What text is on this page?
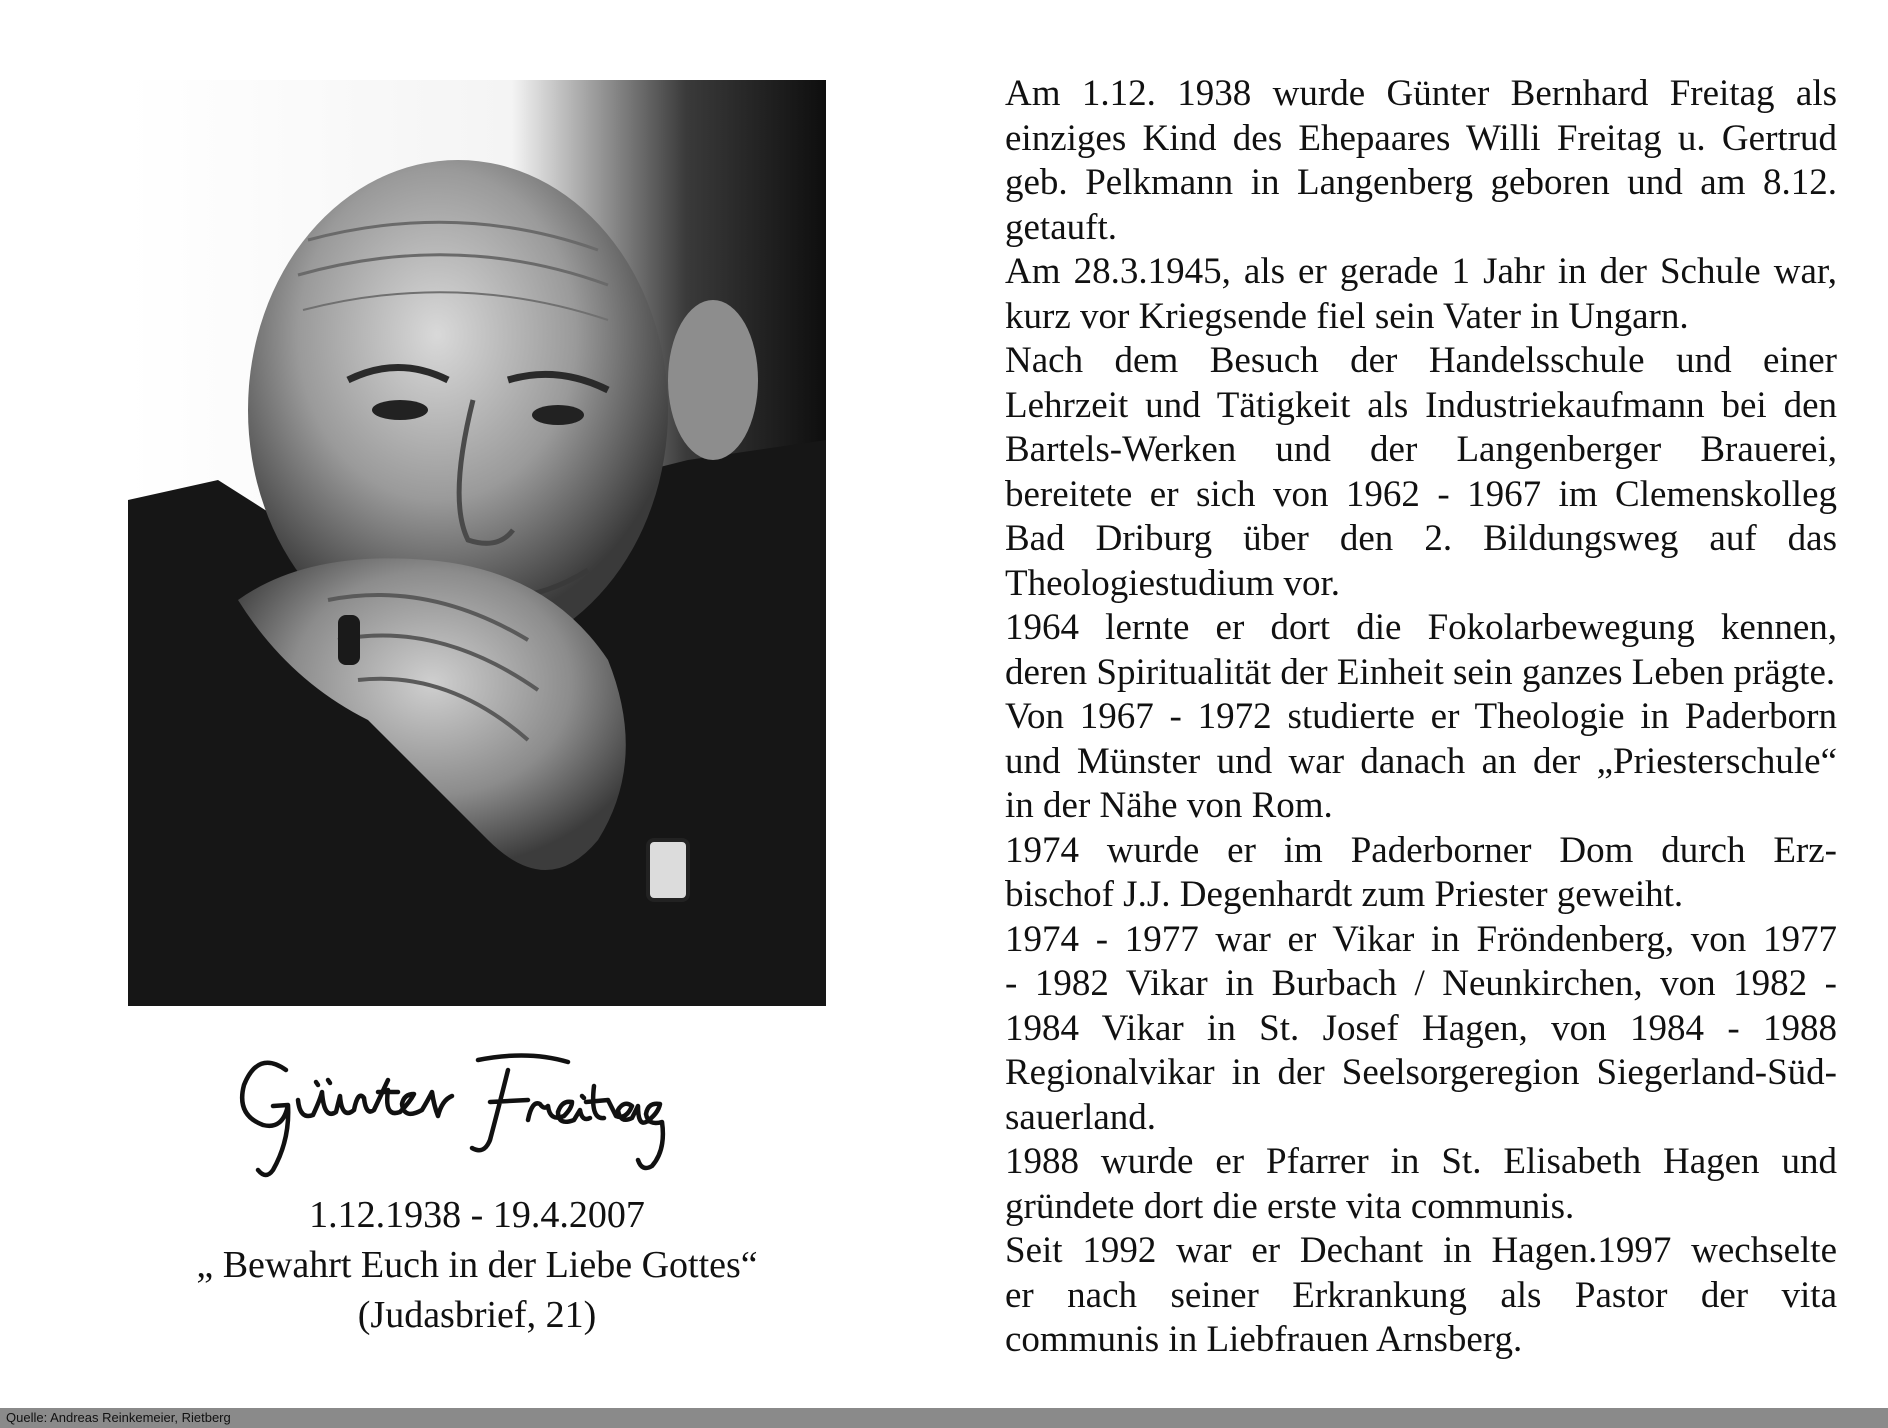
Günter Freitag
1.12.1938 - 19.4.2007
„ Bewahrt Euch in der Liebe Gottes“
(Judasbrief, 21)
Am 1.12. 1938 wurde Günter Bernhard Freitag als
einziges Kind des Ehepaares Willi Freitag u. Gertrud
geb. Pelkmann in Langenberg geboren und am 8.12.
getauft.
Am 28.3.1945, als er gerade 1 Jahr in der Schule war,
kurz vor Kriegsende fiel sein Vater in Ungarn.
Nach dem Besuch der Handelsschule und einer
Lehrzeit und Tätigkeit als Industriekaufmann bei den
Bartels-Werken und der Langenberger Brauerei,
bereitete er sich von 1962 - 1967 im Clemenskolleg
Bad Driburg über den 2. Bildungsweg auf das
Theologiestudium vor.
1964 lernte er dort die Fokolarbewegung kennen,
deren Spiritualität der Einheit sein ganzes Leben prägte.
Von 1967 - 1972 studierte er Theologie in Paderborn
und Münster und war danach an der „Priesterschule“
in der Nähe von Rom.
1974 wurde er im Paderborner Dom durch Erz-
bischof J.J. Degenhardt zum Priester geweiht.
1974 - 1977 war er Vikar in Fröndenberg, von 1977
- 1982 Vikar in Burbach / Neunkirchen, von 1982 -
1984 Vikar in St. Josef Hagen, von 1984 - 1988
Regionalvikar in der Seelsorgeregion Siegerland-Süd-
sauerland.
1988 wurde er Pfarrer in St. Elisabeth Hagen und
gründete dort die erste vita communis.
Seit 1992 war er Dechant in Hagen.1997 wechselte
er nach seiner Erkrankung als Pastor der vita
communis in Liebfrauen Arnsberg.
Quelle: Andreas Reinkemeier, Rietberg
